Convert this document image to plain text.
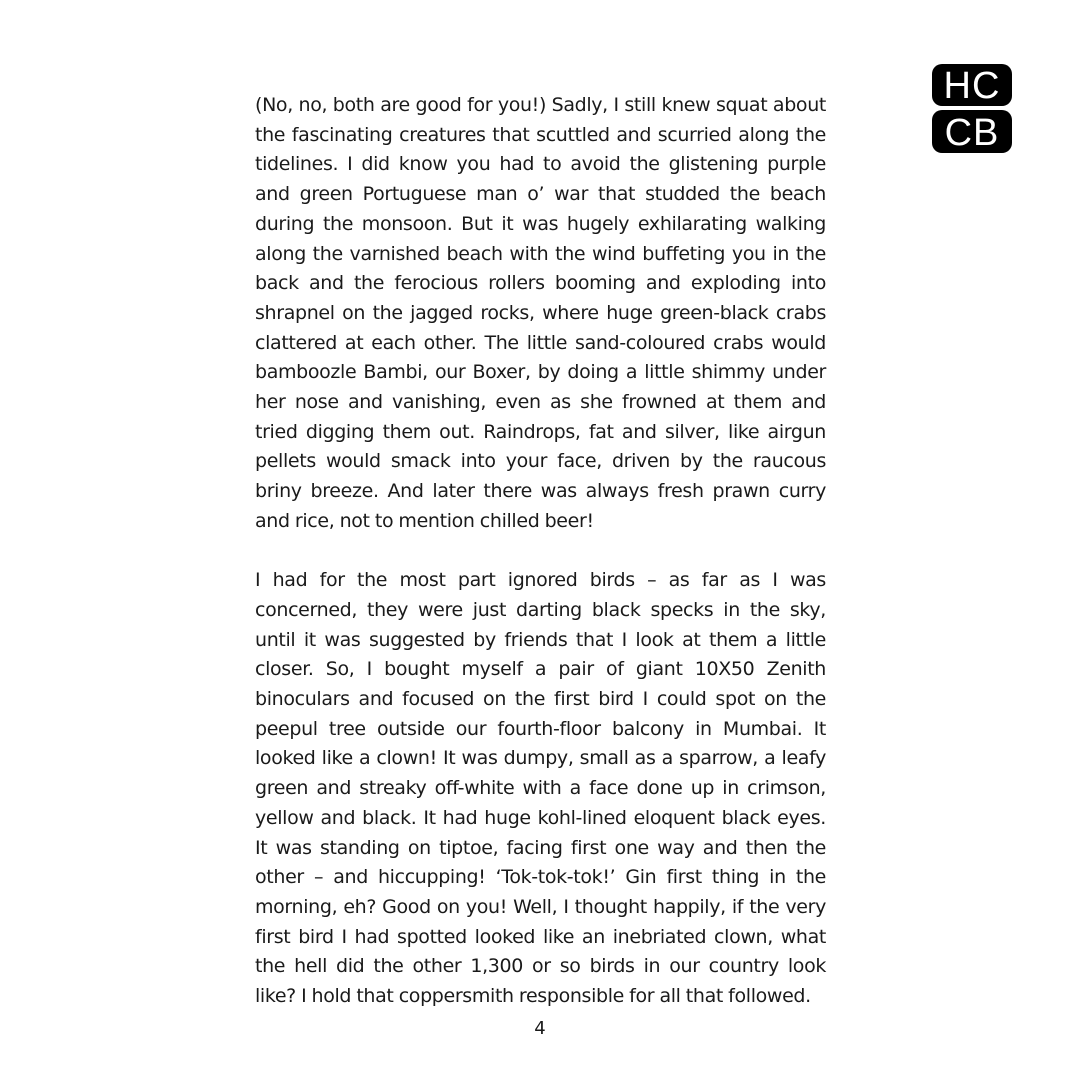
HC
CB

(No, no, both are good for you!) Sadly, I still knew squat about the fascinating creatures that scuttled and scurried along the tidelines. I did know you had to avoid the glistening purple and green Portuguese man o’ war that studded the beach during the monsoon. But it was hugely exhilarating walking along the varnished beach with the wind buffeting you in the back and the ferocious rollers booming and exploding into shrapnel on the jagged rocks, where huge green-black crabs clattered at each other. The little sand-coloured crabs would bamboozle Bambi, our Boxer, by doing a little shimmy under her nose and vanishing, even as she frowned at them and tried digging them out. Raindrops, fat and silver, like airgun pellets would smack into your face, driven by the raucous briny breeze. And later there was always fresh prawn curry and rice, not to mention chilled beer!

I had for the most part ignored birds – as far as I was concerned, they were just darting black specks in the sky, until it was suggested by friends that I look at them a little closer. So, I bought myself a pair of giant 10X50 Zenith binoculars and focused on the first bird I could spot on the peepul tree outside our fourth-floor balcony in Mumbai. It looked like a clown! It was dumpy, small as a sparrow, a leafy green and streaky off-white with a face done up in crimson, yellow and black. It had huge kohl-lined eloquent black eyes. It was standing on tiptoe, facing first one way and then the other – and hiccupping! ‘Tok-tok-tok!’ Gin first thing in the morning, eh? Good on you! Well, I thought happily, if the very first bird I had spotted looked like an inebriated clown, what the hell did the other 1,300 or so birds in our country look like? I hold that coppersmith responsible for all that followed.

4
